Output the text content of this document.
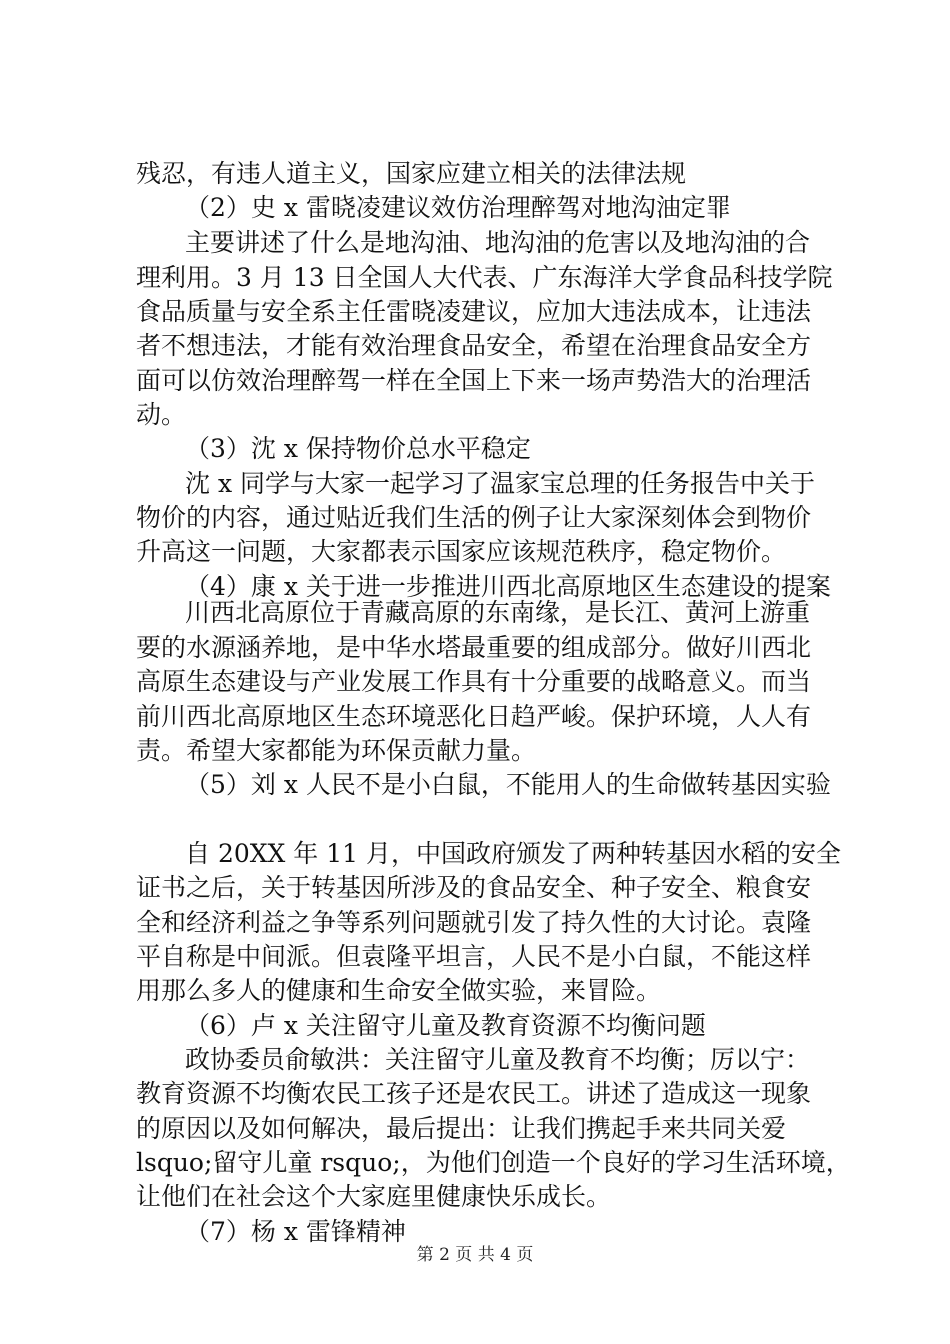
残忍，有违人道主义，国家应建立相关的法律法规

（2）史 x 雷晓凌建议效仿治理醉驾对地沟油定罪

主要讲述了什么是地沟油、地沟油的危害以及地沟油的合

理利用。3 月 13 日全国人大代表、广东海洋大学食品科技学院

食品质量与安全系主任雷晓凌建议，应加大违法成本，让违法

者不想违法，才能有效治理食品安全，希望在治理食品安全方

面可以仿效治理醉驾一样在全国上下来一场声势浩大的治理活

动。

（3）沈 x 保持物价总水平稳定

沈 x 同学与大家一起学习了温家宝总理的任务报告中关于

物价的内容，通过贴近我们生活的例子让大家深刻体会到物价

升高这一问题，大家都表示国家应该规范秩序，稳定物价。

（4）康 x 关于进一步推进川西北高原地区生态建设的提案

川西北高原位于青藏高原的东南缘，是长江、黄河上游重

要的水源涵养地，是中华水塔最重要的组成部分。做好川西北

高原生态建设与产业发展工作具有十分重要的战略意义。而当

前川西北高原地区生态环境恶化日趋严峻。保护环境，人人有

责。希望大家都能为环保贡献力量。

（5）刘 x 人民不是小白鼠，不能用人的生命做转基因实验

自 20XX 年 11 月，中国政府颁发了两种转基因水稻的安全

证书之后，关于转基因所涉及的食品安全、种子安全、粮食安

全和经济利益之争等系列问题就引发了持久性的大讨论。袁隆

平自称是中间派。但袁隆平坦言，人民不是小白鼠，不能这样

用那么多人的健康和生命安全做实验，来冒险。

（6）卢 x 关注留守儿童及教育资源不均衡问题

政协委员俞敏洪：关注留守儿童及教育不均衡；厉以宁：

教育资源不均衡农民工孩子还是农民工。讲述了造成这一现象

的原因以及如何解决，最后提出：让我们携起手来共同关爱

lsquo;留守儿童 rsquo;，为他们创造一个良好的学习生活环境，

让他们在社会这个大家庭里健康快乐成长。

（7）杨 x 雷锋精神

第 2 页 共 4 页
